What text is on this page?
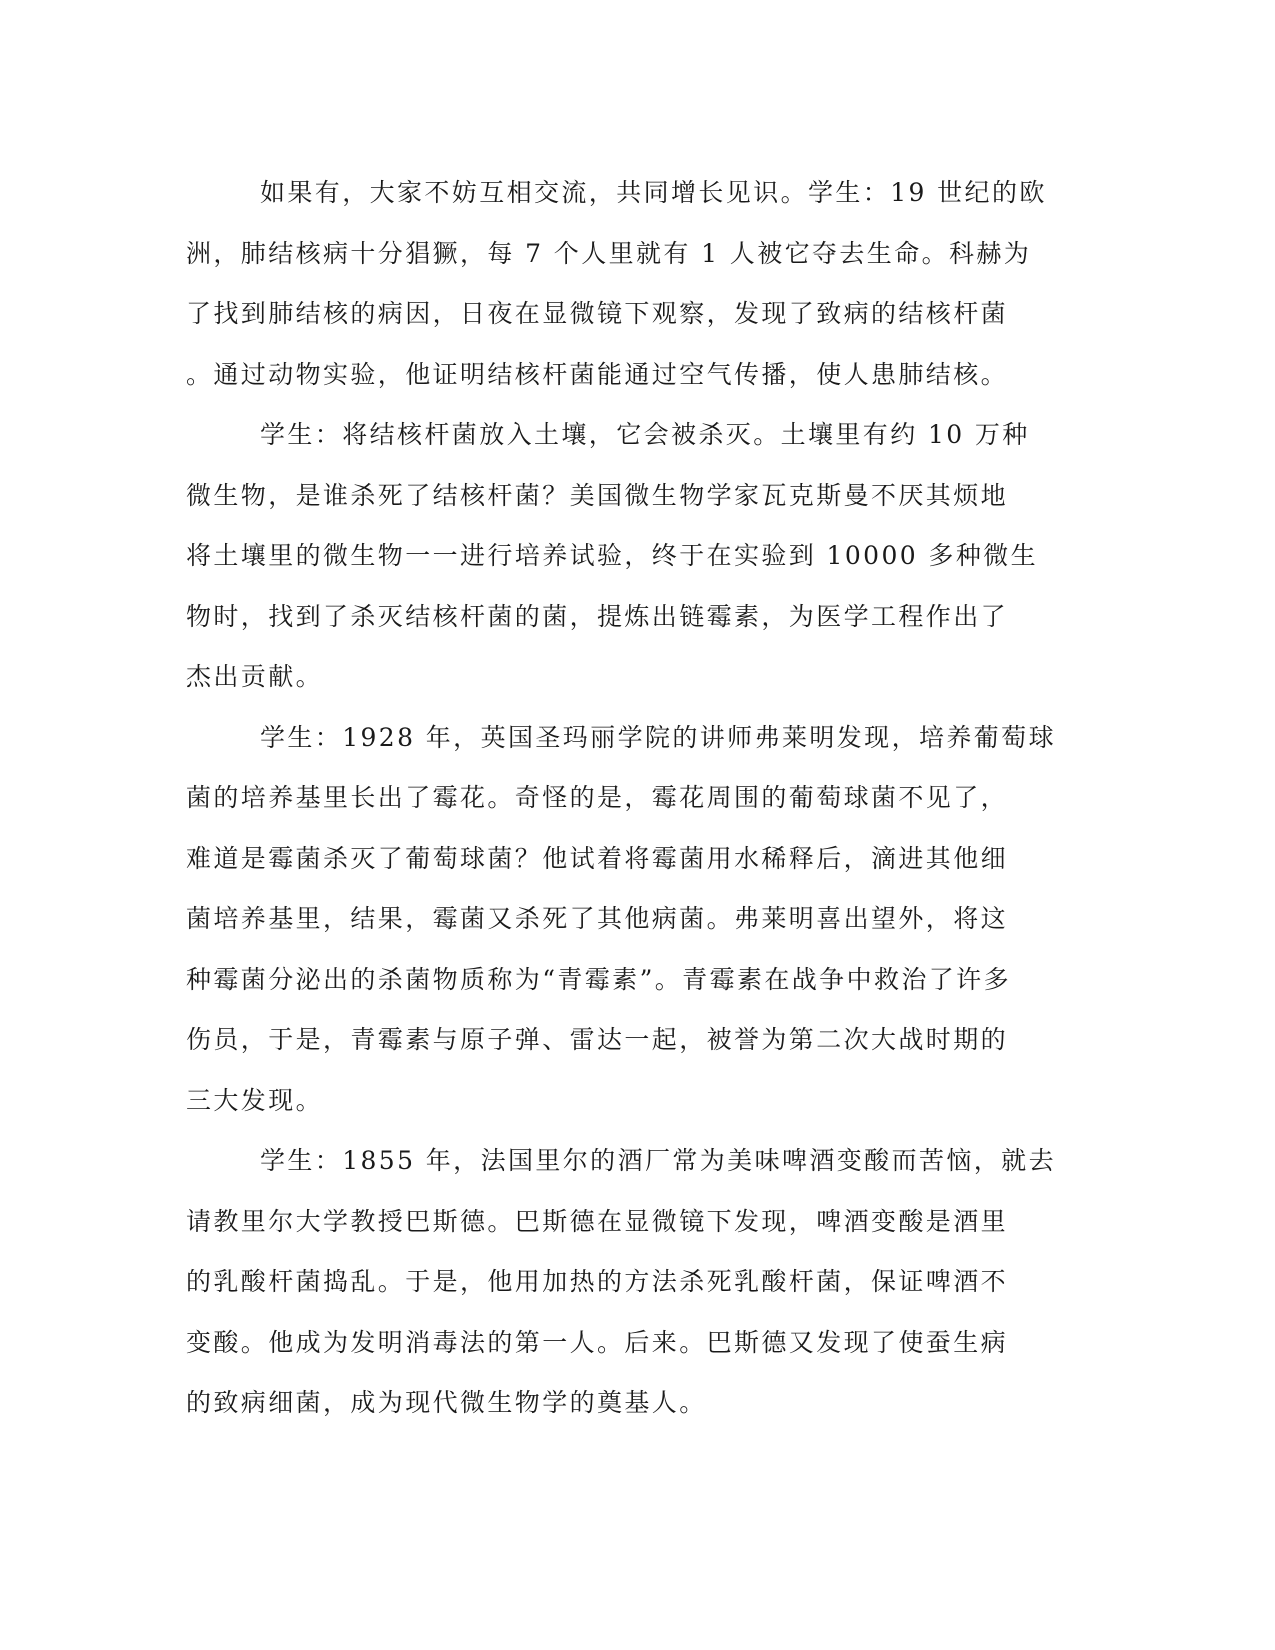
如果有，大家不妨互相交流，共同增长见识。学生：19 世纪的欧
洲，肺结核病十分猖獗，每 7 个人里就有 1 人被它夺去生命。科赫为
了找到肺结核的病因，日夜在显微镜下观察，发现了致病的结核杆菌
。通过动物实验，他证明结核杆菌能通过空气传播，使人患肺结核。
学生：将结核杆菌放入土壤，它会被杀灭。土壤里有约 10 万种
微生物，是谁杀死了结核杆菌？美国微生物学家瓦克斯曼不厌其烦地
将土壤里的微生物一一进行培养试验，终于在实验到 10000 多种微生
物时，找到了杀灭结核杆菌的菌，提炼出链霉素，为医学工程作出了
杰出贡献。
学生：1928 年，英国圣玛丽学院的讲师弗莱明发现，培养葡萄球
菌的培养基里长出了霉花。奇怪的是，霉花周围的葡萄球菌不见了，
难道是霉菌杀灭了葡萄球菌？他试着将霉菌用水稀释后，滴进其他细
菌培养基里，结果，霉菌又杀死了其他病菌。弗莱明喜出望外，将这
种霉菌分泌出的杀菌物质称为“青霉素”。青霉素在战争中救治了许多
伤员，于是，青霉素与原子弹、雷达一起，被誉为第二次大战时期的
三大发现。
学生：1855 年，法国里尔的酒厂常为美味啤酒变酸而苦恼，就去
请教里尔大学教授巴斯德。巴斯德在显微镜下发现，啤酒变酸是酒里
的乳酸杆菌捣乱。于是，他用加热的方法杀死乳酸杆菌，保证啤酒不
变酸。他成为发明消毒法的第一人。后来。巴斯德又发现了使蚕生病
的致病细菌，成为现代微生物学的奠基人。
